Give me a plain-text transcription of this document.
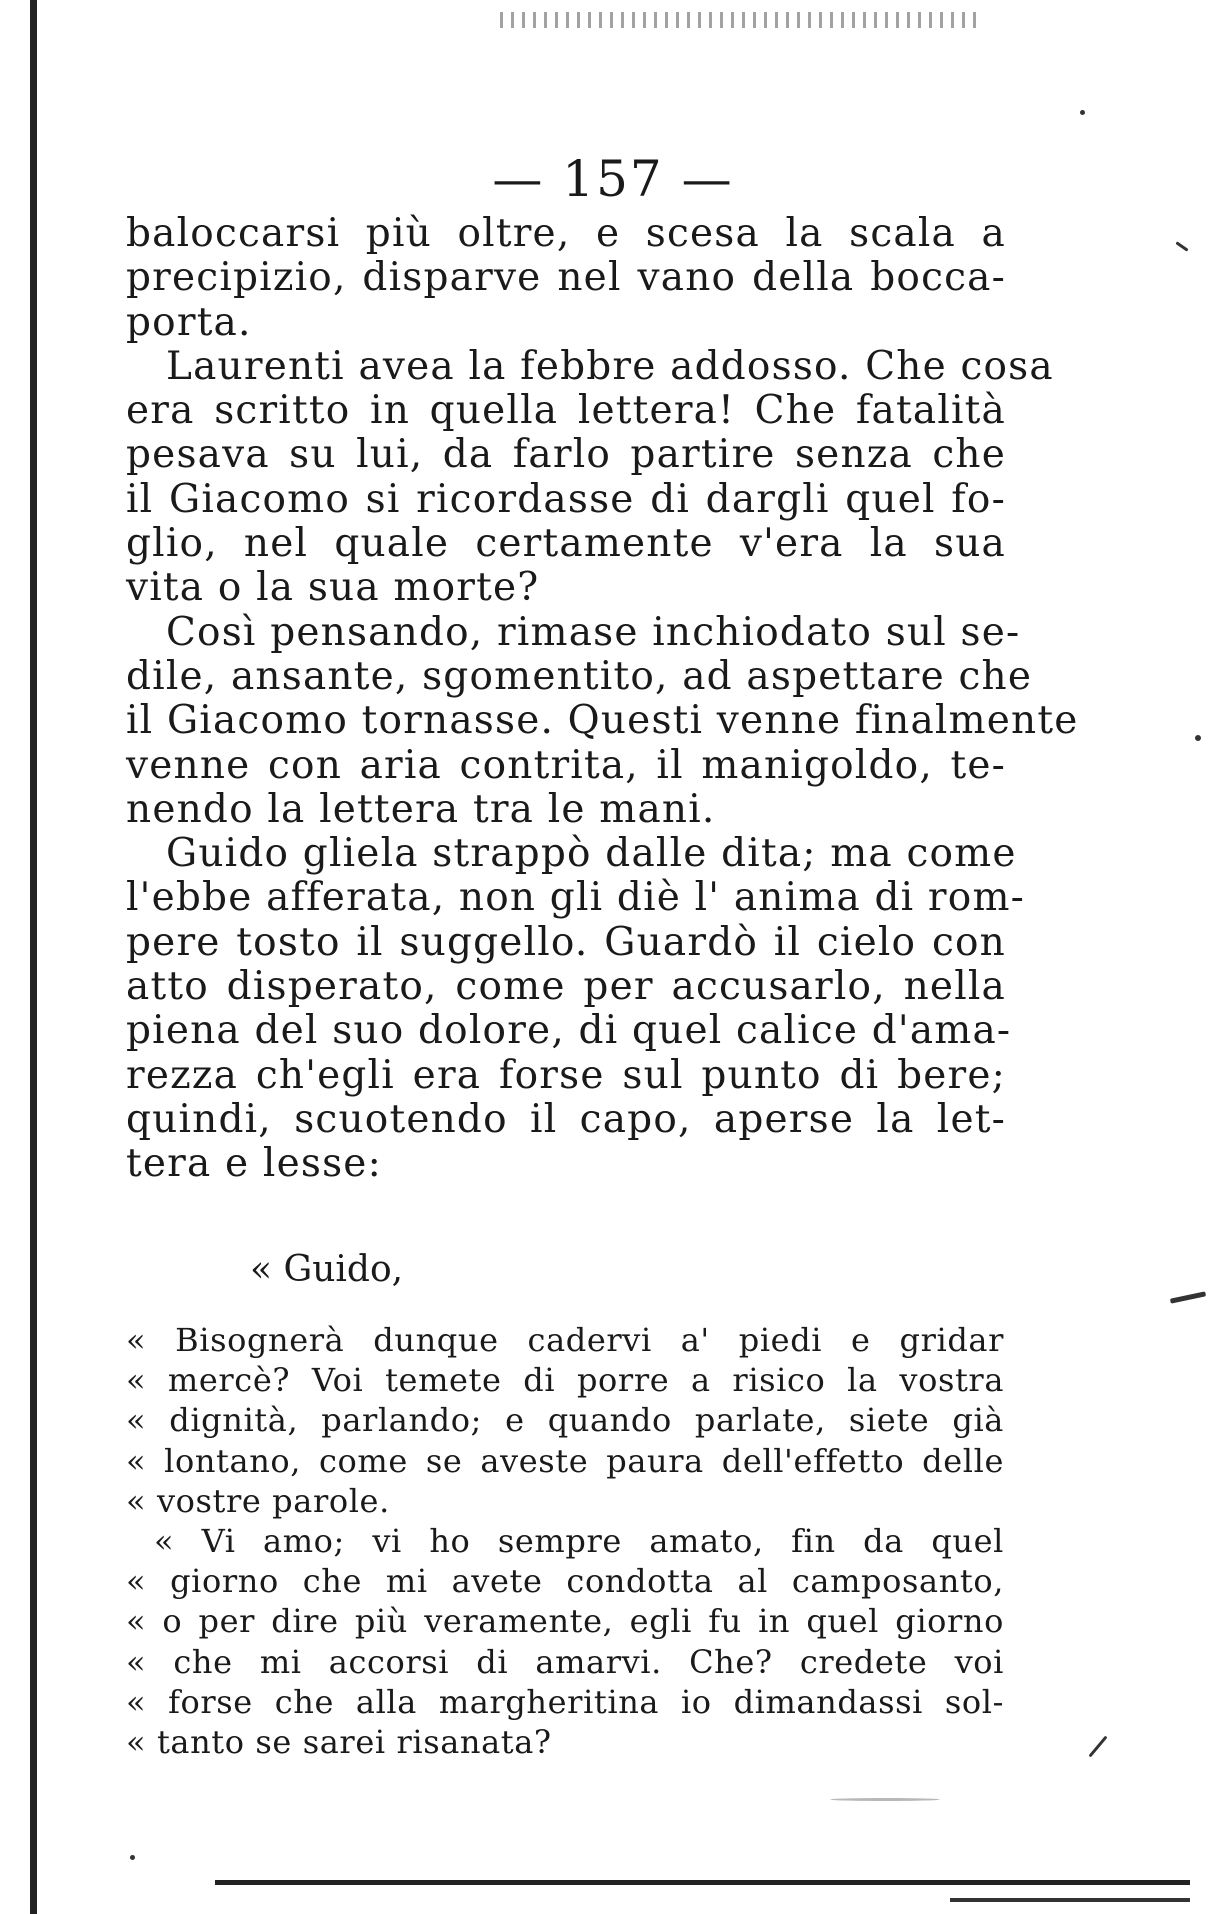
— 157 —
baloccarsi più oltre, e scesa la scala a
precipizio, disparve nel vano della bocca-
porta.
Laurenti avea la febbre addosso. Che cosa
era scritto in quella lettera! Che fatalità
pesava su lui, da farlo partire senza che
il Giacomo si ricordasse di dargli quel fo-
glio, nel quale certamente v'era la sua
vita o la sua morte?
Così pensando, rimase inchiodato sul se-
dile, ansante, sgomentito, ad aspettare che
il Giacomo tornasse. Questi venne finalmente
venne con aria contrita, il manigoldo, te-
nendo la lettera tra le mani.
Guido gliela strappò dalle dita; ma come
l'ebbe afferata, non gli diè l' anima di rom-
pere tosto il suggello. Guardò il cielo con
atto disperato, come per accusarlo, nella
piena del suo dolore, di quel calice d'ama-
rezza ch'egli era forse sul punto di bere;
quindi, scuotendo il capo, aperse la let-
tera e lesse:
« Guido,
« Bisognerà dunque cadervi a' piedi e gridar
« mercè? Voi temete di porre a risico la vostra
« dignità, parlando; e quando parlate, siete già
« lontano, come se aveste paura dell'effetto delle
« vostre parole.
« Vi amo; vi ho sempre amato, fin da quel
« giorno che mi avete condotta al camposanto,
« o per dire più veramente, egli fu in quel giorno
« che mi accorsi di amarvi. Che? credete voi
« forse che alla margheritina io dimandassi sol-
« tanto se sarei risanata?
